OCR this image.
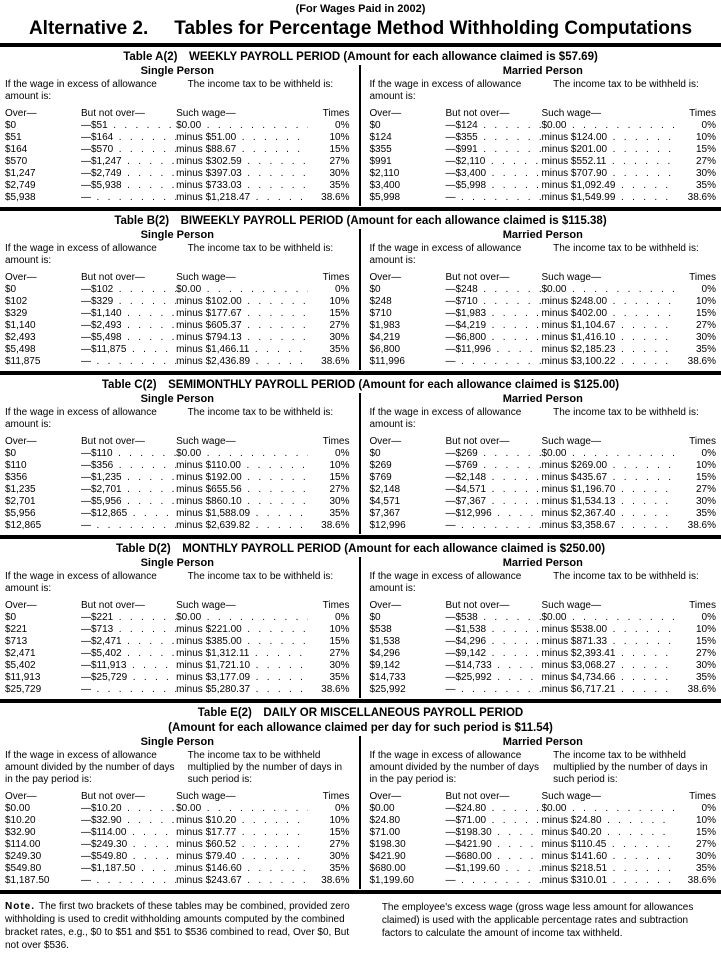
(For Wages Paid in 2002)
Alternative 2. Tables for Percentage Method Withholding Computations
Table A(2)  WEEKLY PAYROLL PERIOD (Amount for each allowance claimed is $57.69)
Single Person
If the wage in excess of allowance amount is:
The income tax to be withheld is:
Over—	But not over—	Such wage—	Times
$0	—$51 .   .	$0.00 .   .	0%
$51	—$164 .   .	minus $51.00 .   .	10%
$164	—$570 .   .	minus $88.67 .   .	15%
$570	—$1,247 .   .	minus $302.59 .   .	27%
$1,247	—$2,749 .   .	minus $397.03 .   .	30%
$2,749	—$5,938 .   .	minus $733.03 .   .	35%
$5,938	— .   .	minus $1,218.47 .   .	38.6%
Married Person
If the wage in excess of allowance amount is:
The income tax to be withheld is:
Over—	But not over—	Such wage—	Times
$0	—$124 .   .	$0.00 .   .	0%
$124	—$355 .   .	minus $124.00 .   .	10%
$355	—$991 .   .	minus $201.00 .   .	15%
$991	—$2,110 .   .	minus $552.11 .   .	27%
$2,110	—$3,400 .   .	minus $707.90 .   .	30%
$3,400	—$5,998 .   .	minus $1,092.49 .   .	35%
$5,998	— .   .	minus $1,549.99 .   .	38.6%
Table B(2)  BIWEEKLY PAYROLL PERIOD (Amount for each allowance claimed is $115.38)
Single Person
If the wage in excess of allowance amount is:
The income tax to be withheld is:
Over—	But not over—	Such wage—	Times
$0	—$102 .   .	$0.00 .   .	0%
$102	—$329 .   .	minus $102.00 .   .	10%
$329	—$1,140 .   .	minus $177.67 .   .	15%
$1,140	—$2,493 .   .	minus $605.37 .   .	27%
$2,493	—$5,498 .   .	minus $794.13 .   .	30%
$5,498	—$11,875 .   .	minus $1,466.11 .   .	35%
$11,875	— .   .	minus $2,436.89 .   .	38.6%
Married Person
If the wage in excess of allowance amount is:
The income tax to be withheld is:
Over—	But not over—	Such wage—	Times
$0	—$248 .   .	$0.00 .   .	0%
$248	—$710 .   .	minus $248.00 .   .	10%
$710	—$1,983 .   .	minus $402.00 .   .	15%
$1,983	—$4,219 .   .	minus $1,104.67 .   .	27%
$4,219	—$6,800 .   .	minus $1,416.10 .   .	30%
$6,800	—$11,996 .   .	minus $2,185.23 .   .	35%
$11,996	— .   .	minus $3,100.22 .   .	38.6%
Table C(2)  SEMIMONTHLY PAYROLL PERIOD (Amount for each allowance claimed is $125.00)
Single Person
If the wage in excess of allowance amount is:
The income tax to be withheld is:
Over—	But not over—	Such wage—	Times
$0	—$110 .   .	$0.00 .   .	0%
$110	—$356 .   .	minus $110.00 .   .	10%
$356	—$1,235 .   .	minus $192.00 .   .	15%
$1,235	—$2,701 .   .	minus $655.56 .   .	27%
$2,701	—$5,956 .   .	minus $860.10 .   .	30%
$5,956	—$12,865 .   .	minus $1,588.09 .   .	35%
$12,865	— .   .	minus $2,639.82 .   .	38.6%
Married Person
If the wage in excess of allowance amount is:
The income tax to be withheld is:
Over—	But not over—	Such wage—	Times
$0	—$269 .   .	$0.00 .   .	0%
$269	—$769 .   .	minus $269.00 .   .	10%
$769	—$2,148 .   .	minus $435.67 .   .	15%
$2,148	—$4,571 .   .	minus $1,196.70 .   .	27%
$4,571	—$7,367 .   .	minus $1,534.13 .   .	30%
$7,367	—$12,996 .   .	minus $2,367.40 .   .	35%
$12,996	— .   .	minus $3,358.67 .   .	38.6%
Table D(2)  MONTHLY PAYROLL PERIOD (Amount for each allowance claimed is $250.00)
Single Person
If the wage in excess of allowance amount is:
The income tax to be withheld is:
Over—	But not over—	Such wage—	Times
$0	—$221 .   .	$0.00 .   .	0%
$221	—$713 .   .	minus $221.00 .   .	10%
$713	—$2,471 .   .	minus $385.00 .   .	15%
$2,471	—$5,402 .   .	minus $1,312.11 .   .	27%
$5,402	—$11,913 .   .	minus $1,721.10 .   .	30%
$11,913	—$25,729 .   .	minus $3,177.09 .   .	35%
$25,729	— .   .	minus $5,280.37 .   .	38.6%
Married Person
If the wage in excess of allowance amount is:
The income tax to be withheld is:
Over—	But not over—	Such wage—	Times
$0	—$538 .   .	$0.00 .   .	0%
$538	—$1,538 .   .	minus $538.00 .   .	10%
$1,538	—$4,296 .   .	minus $871.33 .   .	15%
$4,296	—$9,142 .   .	minus $2,393.41 .   .	27%
$9,142	—$14,733 .   .	minus $3,068.27 .   .	30%
$14,733	—$25,992 .   .	minus $4,734.66 .   .	35%
$25,992	— .   .	minus $6,717.21 .   .	38.6%
Table E(2)  DAILY OR MISCELLANEOUS PAYROLL PERIOD
(Amount for each allowance claimed per day for such period is $11.54)
Single Person
If the wage in excess of allowance amount divided by the number of days in the pay period is:
The income tax to be withheld multiplied by the number of days in such period is:
Over—	But not over—	Such wage—	Times
$0.00	—$10.20 .   .	$0.00 .   .	0%
$10.20	—$32.90 .   .	minus $10.20 .   .	10%
$32.90	—$114.00 .   .	minus $17.77 .   .	15%
$114.00	—$249.30 .   .	minus $60.52 .   .	27%
$249.30	—$549.80 .   .	minus $79.40 .   .	30%
$549.80	—$1,187.50 .   .	minus $146.60 .   .	35%
$1,187.50	— .   .	minus $243.67 .   .	38.6%
Married Person
If the wage in excess of allowance amount divided by the number of days in the pay period is:
The income tax to be withheld multiplied by the number of days in such period is:
Over—	But not over—	Such wage—	Times
$0.00	—$24.80 .   .	$0.00 .   .	0%
$24.80	—$71.00 .   .	minus $24.80 .   .	10%
$71.00	—$198.30 .   .	minus $40.20 .   .	15%
$198.30	—$421.90 .   .	minus $110.45 .   .	27%
$421.90	—$680.00 .   .	minus $141.60 .   .	30%
$680.00	—$1,199.60 .   .	minus $218.51 .   .	35%
$1,199.60	— .   .	minus $310.01 .   .	38.6%
Note. The first two brackets of these tables may be combined, provided zero withholding is used to credit withholding amounts computed by the combined bracket rates, e.g., $0 to $51 and $51 to $536 combined to read, Over $0, But not over $536.
The employee's excess wage (gross wage less amount for allowances claimed) is used with the applicable percentage rates and subtraction factors to calculate the amount of income tax withheld.
